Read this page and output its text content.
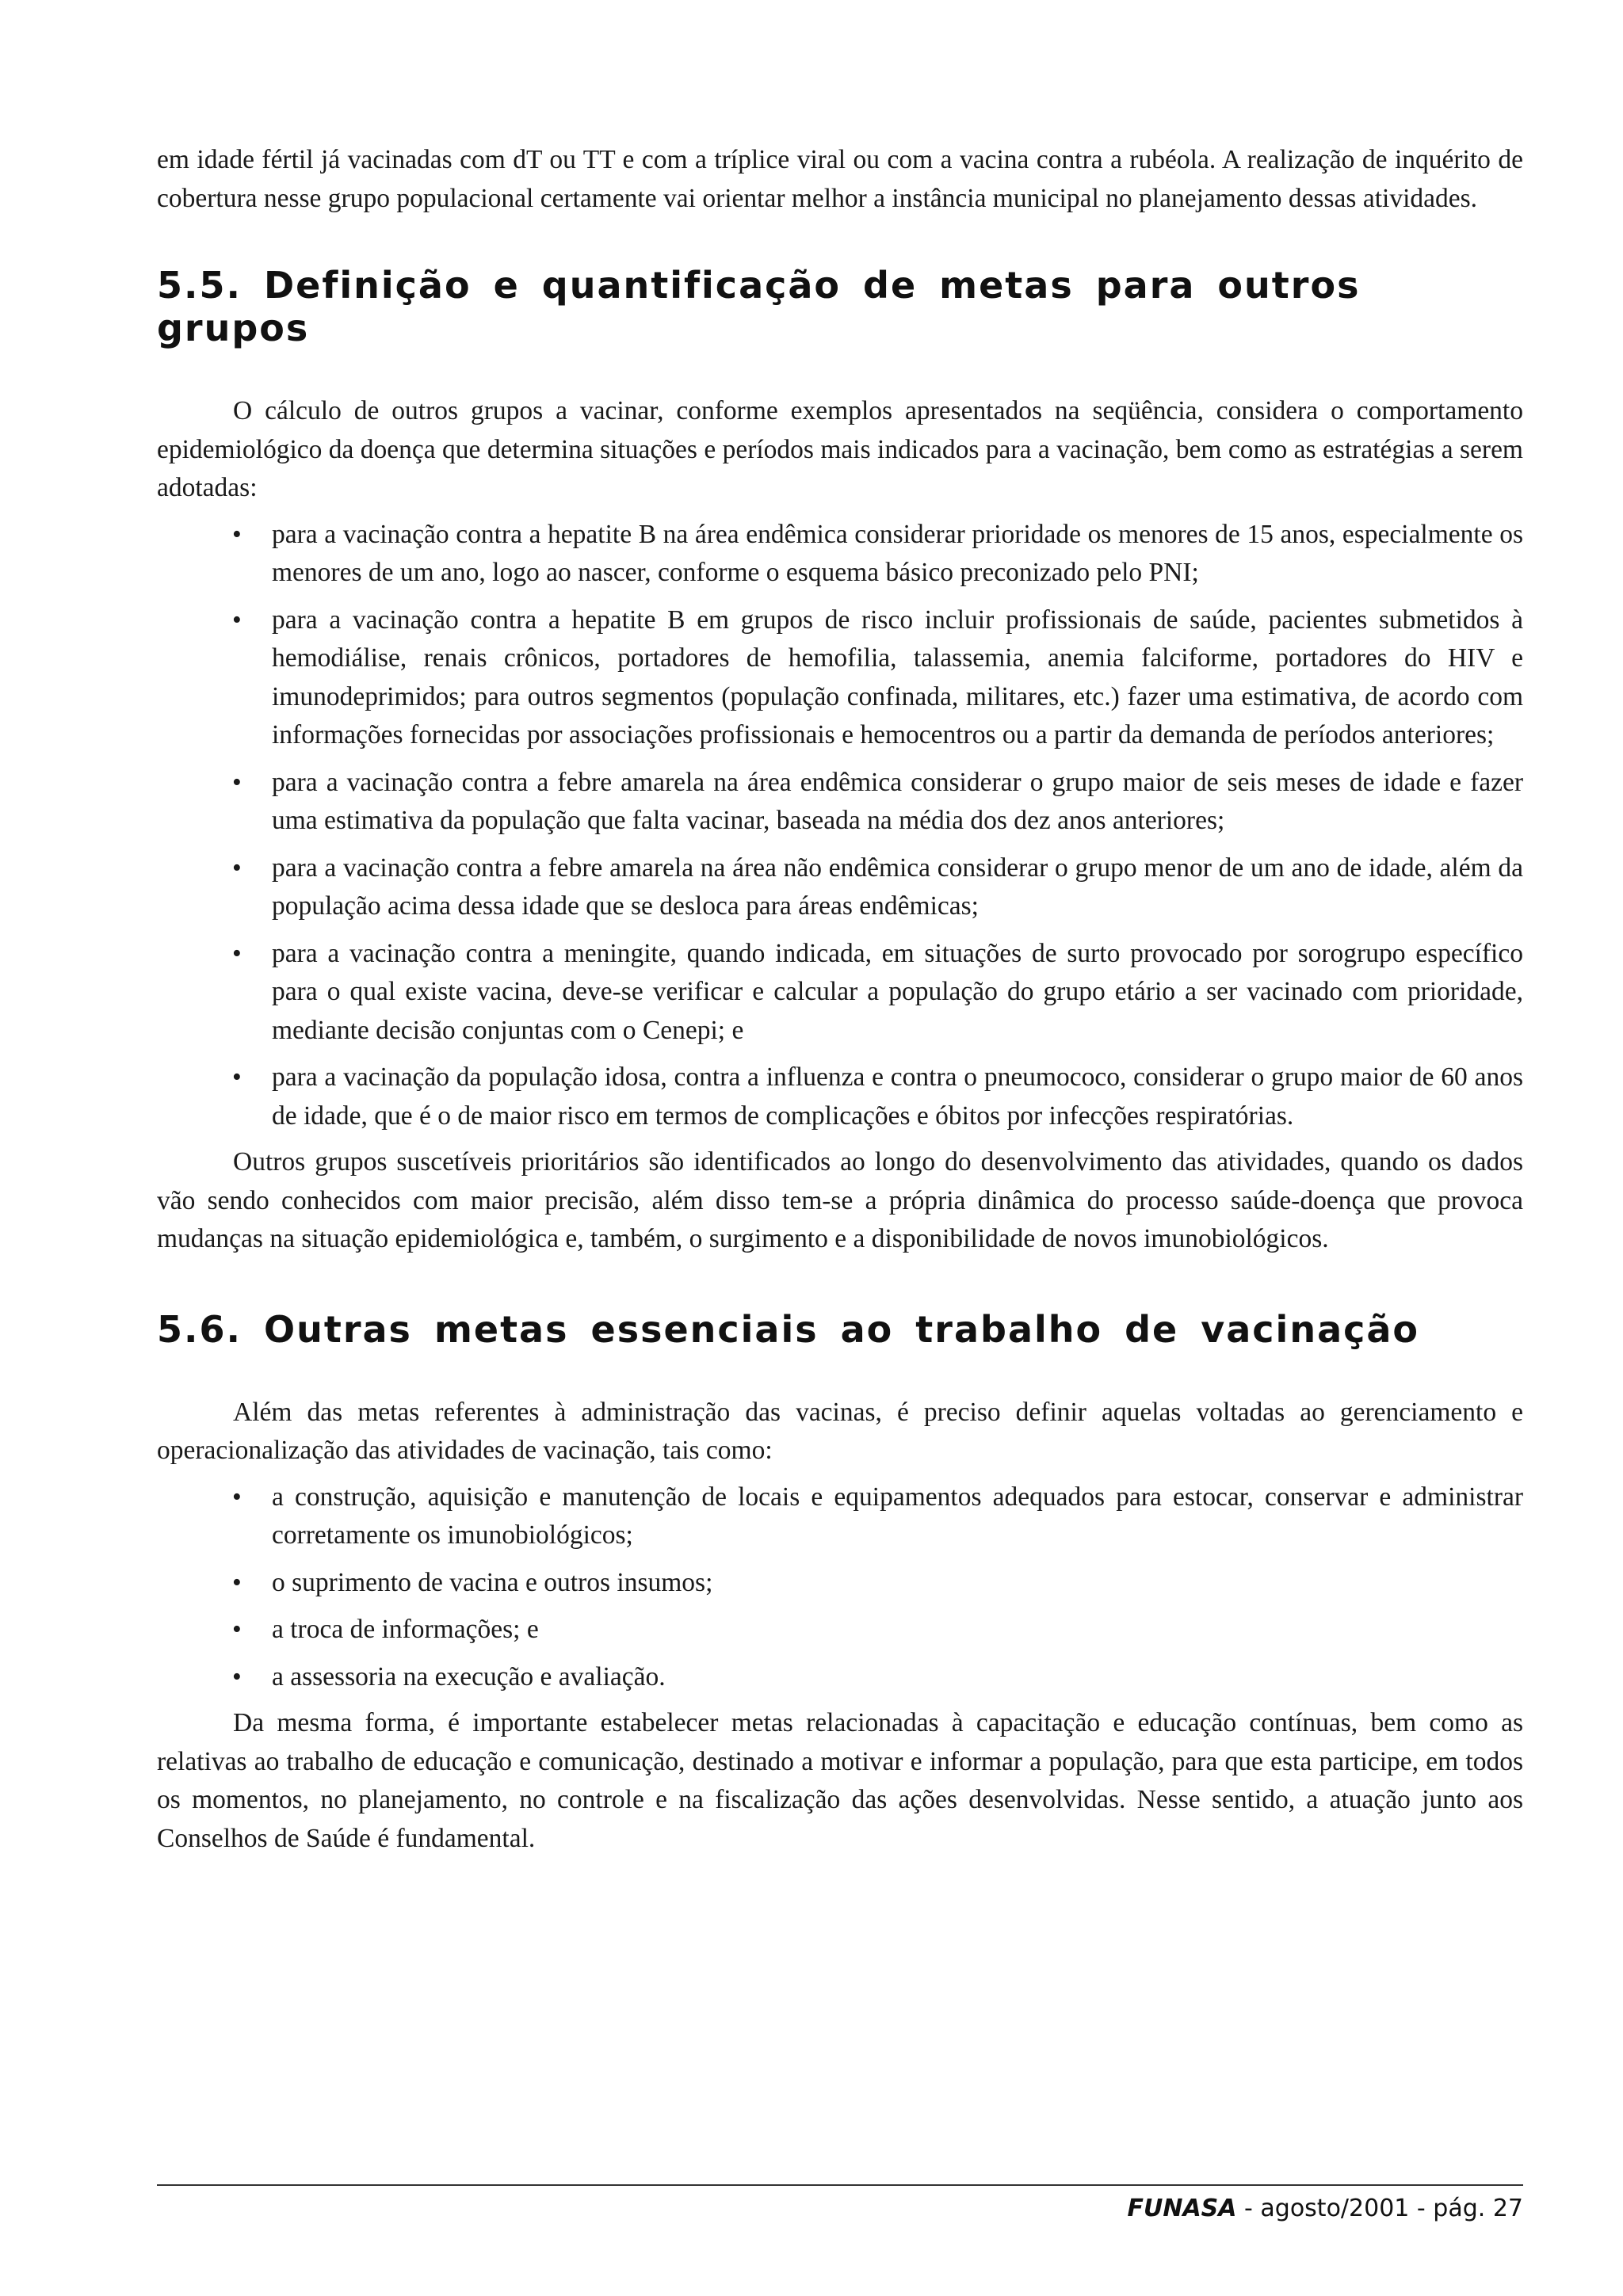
em idade fértil já vacinadas com dT ou TT e com a tríplice viral ou com a vacina contra a rubéola. A realização de inquérito de cobertura nesse grupo populacional certamente vai orientar melhor a instância municipal no planejamento dessas atividades.

5.5. Definição e quantificação de metas para outros grupos

O cálculo de outros grupos a vacinar, conforme exemplos apresentados na seqüência, considera o comportamento epidemiológico da doença que determina situações e períodos mais indicados para a vacinação, bem como as estratégias a serem adotadas:

• para a vacinação contra a hepatite B na área endêmica considerar prioridade os menores de 15 anos, especialmente os menores de um ano, logo ao nascer, conforme o esquema básico preconizado pelo PNI;
• para a vacinação contra a hepatite B em grupos de risco incluir profissionais de saúde, pacientes submetidos à hemodiálise, renais crônicos, portadores de hemofilia, talassemia, anemia falciforme, portadores do HIV e imunodeprimidos; para outros segmentos (população confinada, militares, etc.) fazer uma estimativa, de acordo com informações fornecidas por associações profissionais e hemocentros ou a partir da demanda de períodos anteriores;
• para a vacinação contra a febre amarela na área endêmica considerar o grupo maior de seis meses de idade e fazer uma estimativa da população que falta vacinar, baseada na média dos dez anos anteriores;
• para a vacinação contra a febre amarela na área não endêmica considerar o grupo menor de um ano de idade, além da população acima dessa idade que se desloca para áreas endêmicas;
• para a vacinação contra a meningite, quando indicada, em situações de surto provocado por sorogrupo específico para o qual existe vacina, deve-se verificar e calcular a população do grupo etário a ser vacinado com prioridade, mediante decisão conjuntas com o Cenepi; e
• para a vacinação da população idosa, contra a influenza e contra o pneumococo, considerar o grupo maior de 60 anos de idade, que é o de maior risco em termos de complicações e óbitos por infecções respiratórias.

Outros grupos suscetíveis prioritários são identificados ao longo do desenvolvimento das atividades, quando os dados vão sendo conhecidos com maior precisão, além disso tem-se a própria dinâmica do processo saúde-doença que provoca mudanças na situação epidemiológica e, também, o surgimento e a disponibilidade de novos imunobiológicos.

5.6. Outras metas essenciais ao trabalho de vacinação

Além das metas referentes à administração das vacinas, é preciso definir aquelas voltadas ao gerenciamento e operacionalização das atividades de vacinação, tais como:

• a construção, aquisição e manutenção de locais e equipamentos adequados para estocar, conservar e administrar corretamente os imunobiológicos;
• o suprimento de vacina e outros insumos;
• a troca de informações; e
• a assessoria na execução e avaliação.

Da mesma forma, é importante estabelecer metas relacionadas à capacitação e educação contínuas, bem como as relativas ao trabalho de educação e comunicação, destinado a motivar e informar a população, para que esta participe, em todos os momentos, no planejamento, no controle e na fiscalização das ações desenvolvidas. Nesse sentido, a atuação junto aos Conselhos de Saúde é fundamental.

FUNASA - agosto/2001 - pág. 27
